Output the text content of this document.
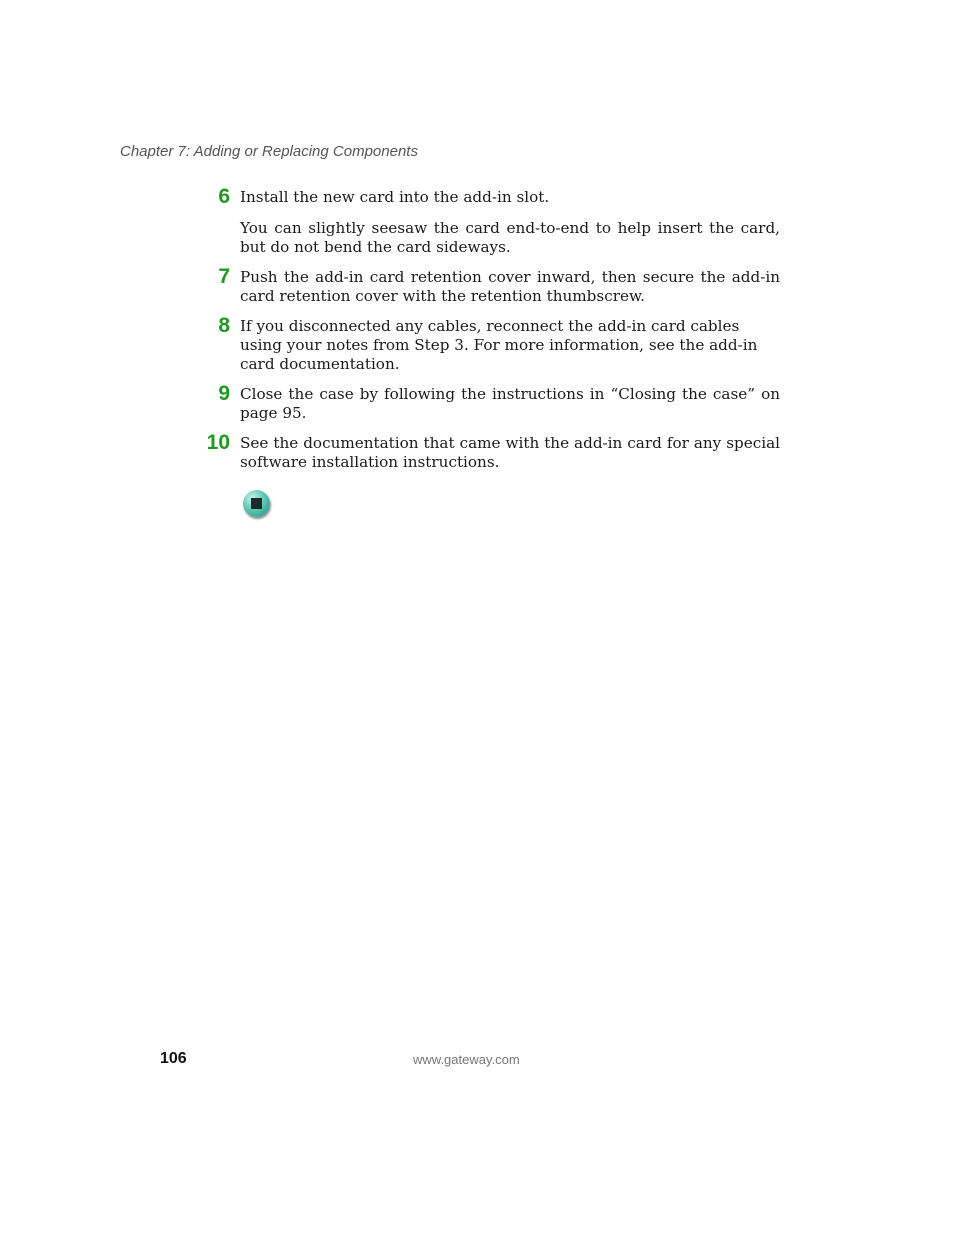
Chapter 7: Adding or Replacing Components
6 Install the new card into the add-in slot.

You can slightly seesaw the card end-to-end to help insert the card, but do not bend the card sideways.

7 Push the add-in card retention cover inward, then secure the add-in card retention cover with the retention thumbscrew.

8 If you disconnected any cables, reconnect the add-in card cables using your notes from Step 3. For more information, see the add-in card documentation.

9 Close the case by following the instructions in “Closing the case” on page 95.

10 See the documentation that came with the add-in card for any special software installation instructions.

106	www.gateway.com
